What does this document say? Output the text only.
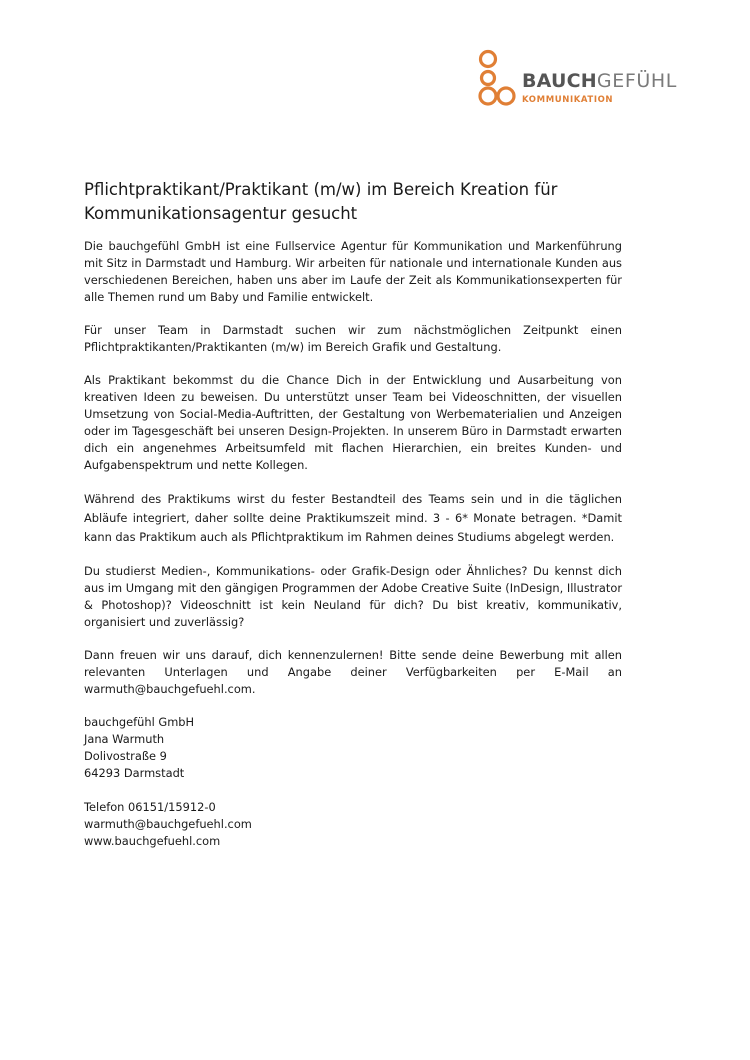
BAUCHGEFÜHL
KOMMUNIKATION
Pflichtpraktikant/Praktikant (m/w) im Bereich Kreation für Kommunikationsagentur gesucht

Die bauchgefühl GmbH ist eine Fullservice Agentur für Kommunikation und Markenführung mit Sitz in Darmstadt und Hamburg. Wir arbeiten für nationale und internationale Kunden aus verschiedenen Bereichen, haben uns aber im Laufe der Zeit als Kommunikationsexperten für alle Themen rund um Baby und Familie entwickelt.

Für unser Team in Darmstadt suchen wir zum nächstmöglichen Zeitpunkt einen Pflichtpraktikanten/Praktikanten (m/w) im Bereich Grafik und Gestaltung.

Als Praktikant bekommst du die Chance Dich in der Entwicklung und Ausarbeitung von kreativen Ideen zu beweisen. Du unterstützt unser Team bei Videoschnitten, der visuellen Umsetzung von Social-Media-Auftritten, der Gestaltung von Werbematerialien und Anzeigen oder im Tagesgeschäft bei unseren Design-Projekten. In unserem Büro in Darmstadt erwarten dich ein angenehmes Arbeitsumfeld mit flachen Hierarchien, ein breites Kunden- und Aufgabenspektrum und nette Kollegen.

Während des Praktikums wirst du fester Bestandteil des Teams sein und in die täglichen Abläufe integriert, daher sollte deine Praktikumszeit mind. 3 - 6* Monate betragen. *Damit kann das Praktikum auch als Pflichtpraktikum im Rahmen deines Studiums abgelegt werden.

Du studierst Medien-, Kommunikations- oder Grafik-Design oder Ähnliches? Du kennst dich aus im Umgang mit den gängigen Programmen der Adobe Creative Suite (InDesign, Illustrator & Photoshop)? Videoschnitt ist kein Neuland für dich? Du bist kreativ, kommunikativ, organisiert und zuverlässig?

Dann freuen wir uns darauf, dich kennenzulernen! Bitte sende deine Bewerbung mit allen relevanten Unterlagen und Angabe deiner Verfügbarkeiten per E-Mail an warmuth@bauchgefuehl.com.

bauchgefühl GmbH
Jana Warmuth
Dolivostraße 9
64293 Darmstadt
Telefon 06151/15912-0
warmuth@bauchgefuehl.com
www.bauchgefuehl.com
